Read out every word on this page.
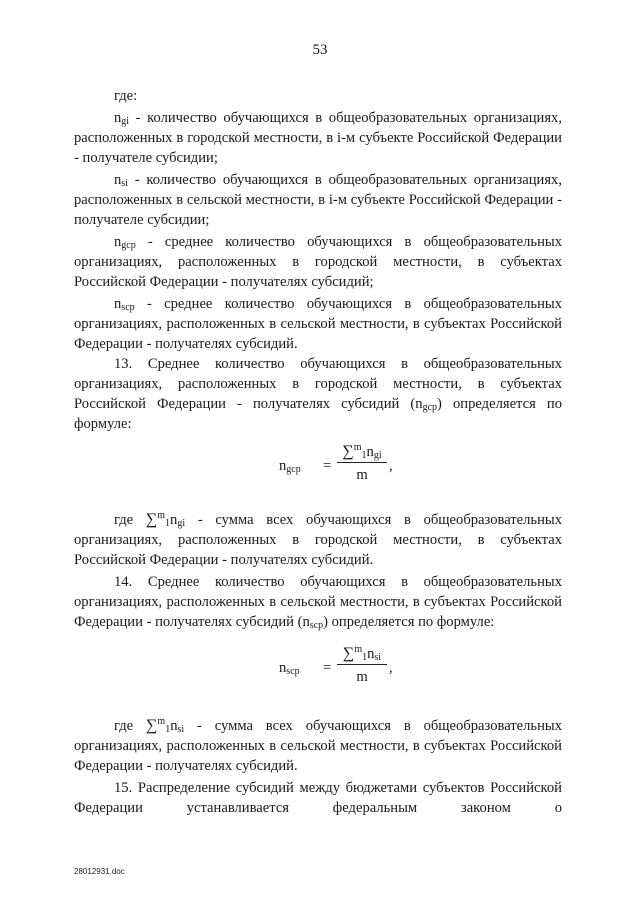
53

где:

$n_{gi}$ - количество обучающихся в общеобразовательных организациях, расположенных в городской местности, в i-м субъекте Российской Федерации - получателе субсидии;

$n_{si}$ - количество обучающихся в общеобразовательных организациях, расположенных в сельской местности, в i-м субъекте Российской Федерации - получателе субсидии;

$n_{gcp}$ - среднее количество обучающихся в общеобразовательных организациях, расположенных в городской местности, в субъектах Российской Федерации - получателях субсидий;

$n_{scp}$ - среднее количество обучающихся в общеобразовательных организациях, расположенных в сельской местности, в субъектах Российской Федерации - получателях субсидий.

13. Среднее количество обучающихся в общеобразовательных организациях, расположенных в городской местности, в субъектах Российской Федерации - получателях субсидий $(n_{gcp})$ определяется по формуле:

$n_{gcp}$ =
$\sum^m_1n_{gi}$
m
,

где $\sum^m_1n_{gi}$ - сумма всех обучающихся в общеобразовательных организациях, расположенных в городской местности, в субъектах Российской Федерации - получателях субсидий.

14. Среднее количество обучающихся в общеобразовательных организациях, расположенных в сельской местности, в субъектах Российской Федерации - получателях субсидий $(n_{scp})$ определяется по формуле:

$n_{scp}$ =
$\sum^m_1n_{si}$
m
,

где $\sum^m_1n_{si}$ - сумма всех обучающихся в общеобразовательных организациях, расположенных в сельской местности, в субъектах Российской Федерации - получателях субсидий.

15. Распределение субсидий между бюджетами субъектов Российской Федерации устанавливается федеральным законом о

28012931.doc
